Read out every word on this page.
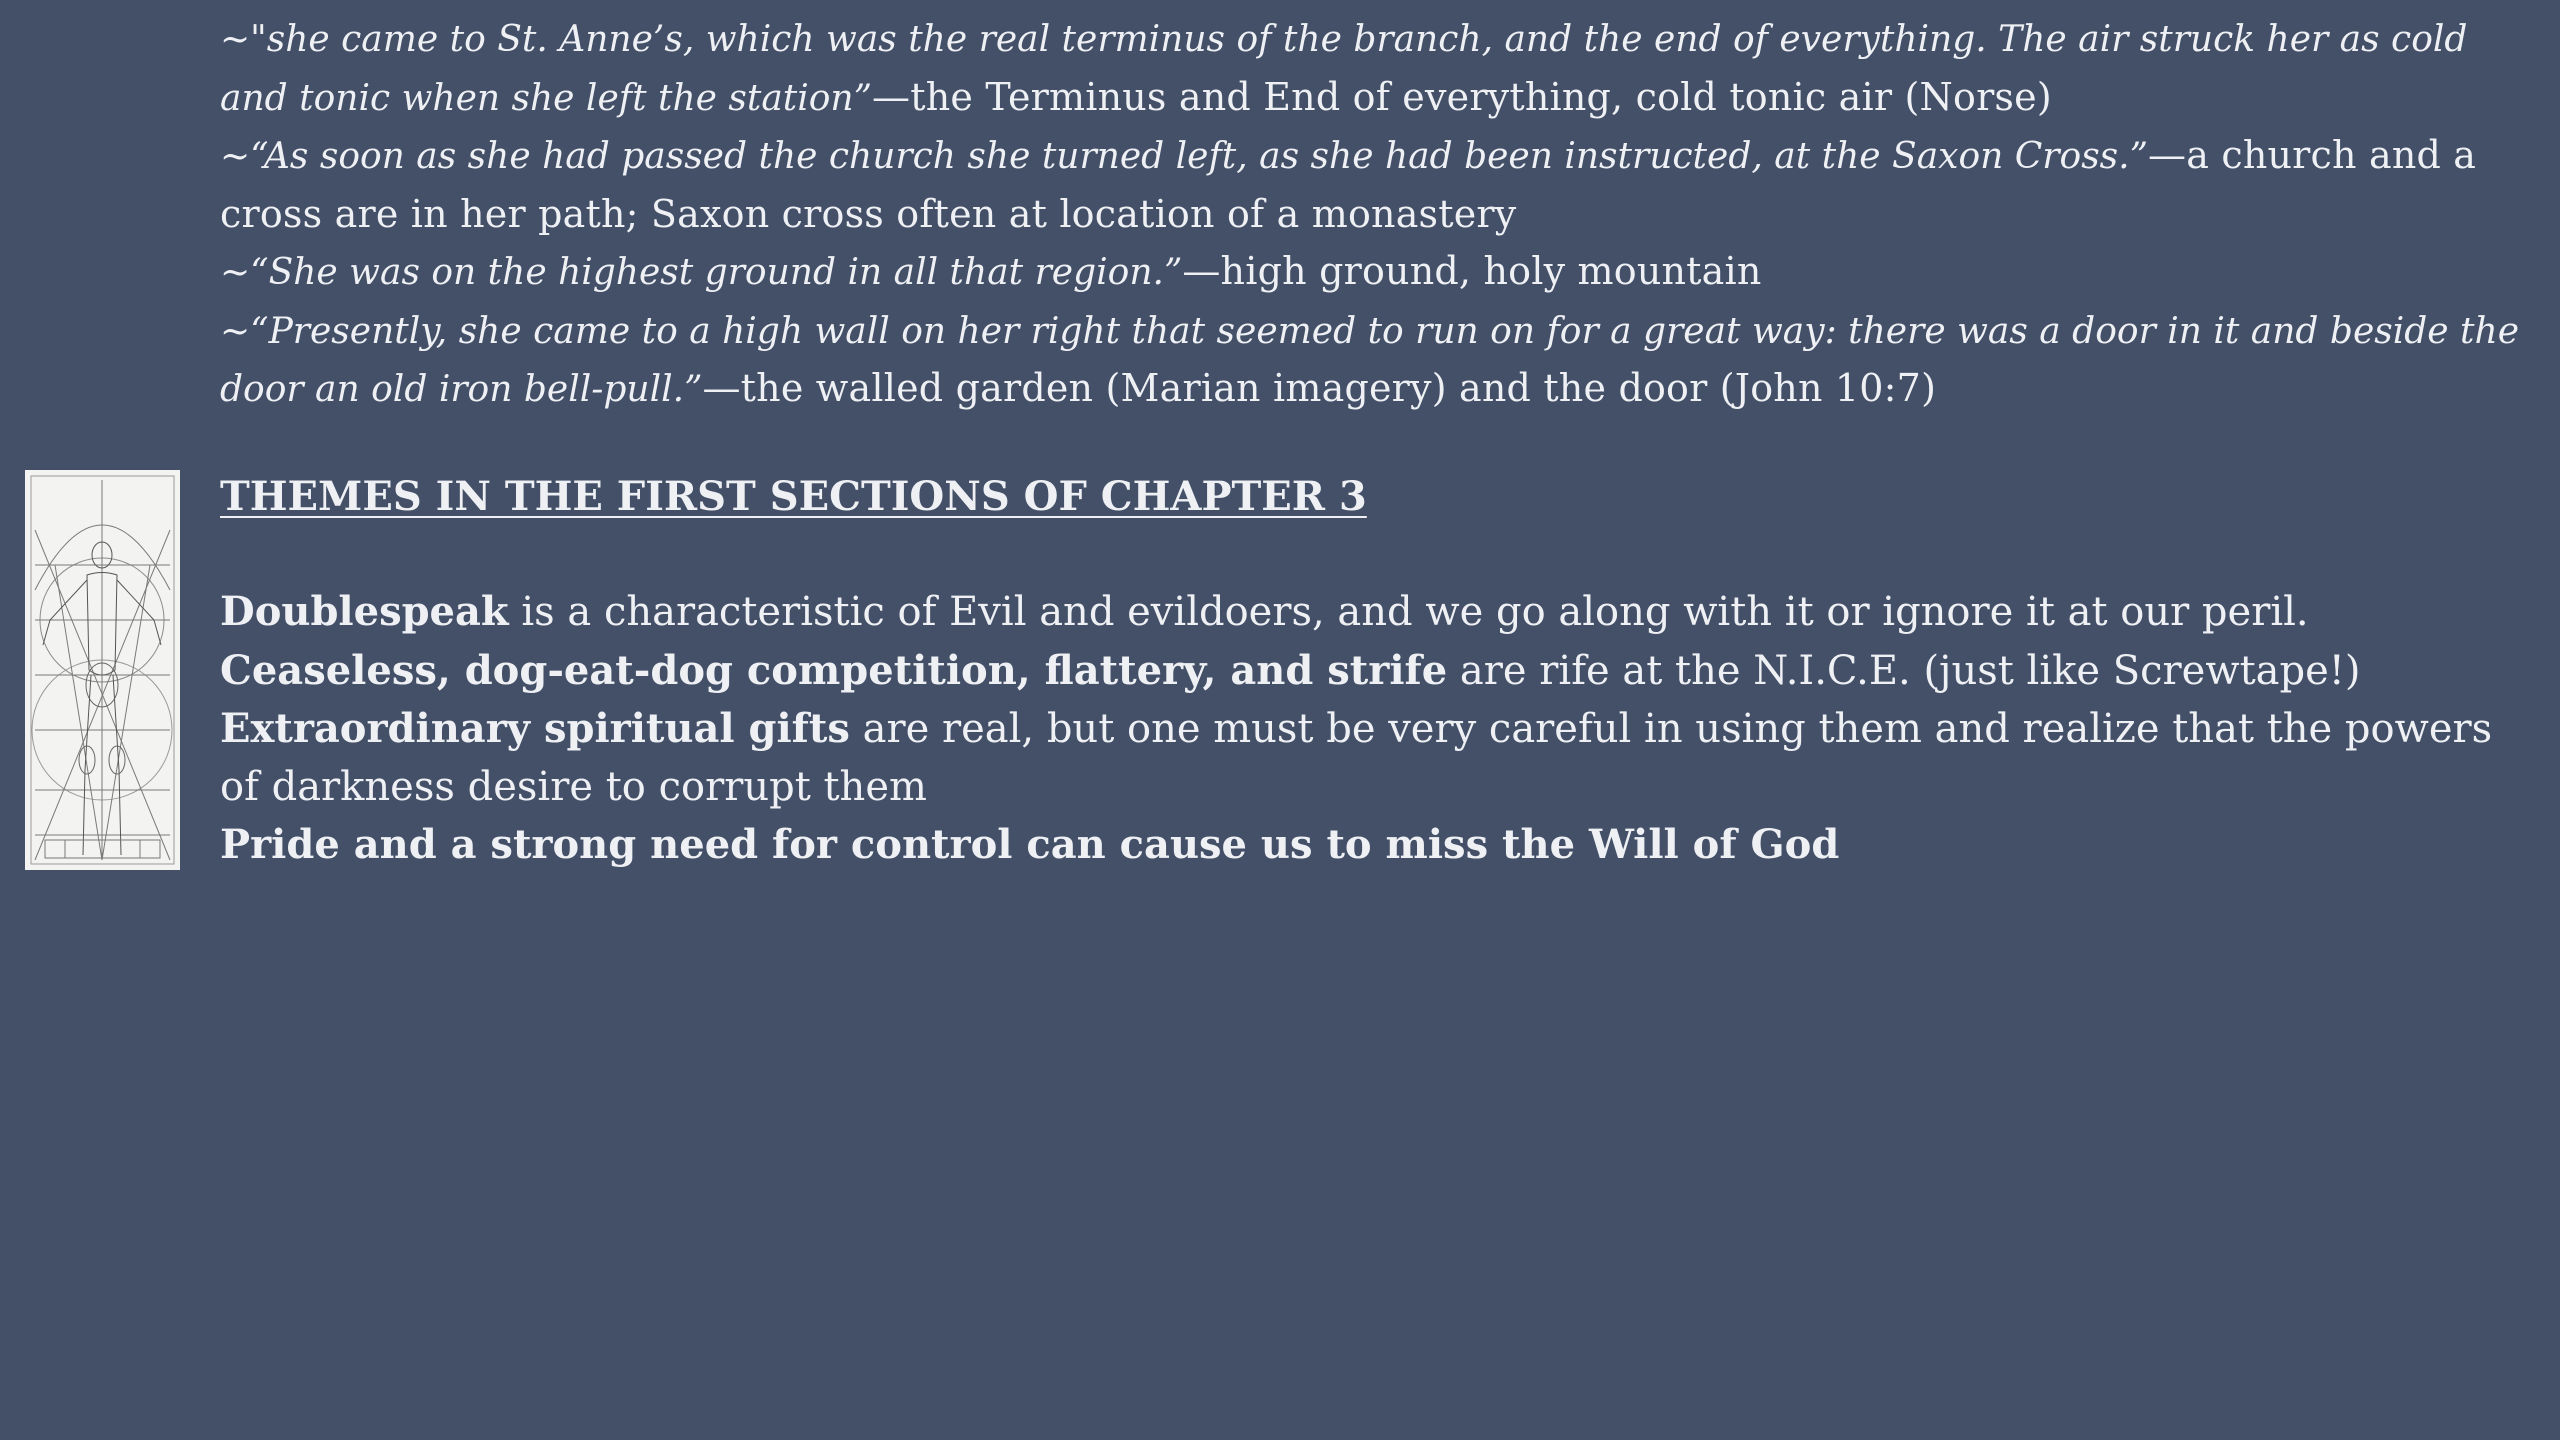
~"she came to St. Anne’s, which was the real terminus of the branch, and the end of everything. The air struck her as cold and tonic when she left the station”—the Terminus and End of everything, cold tonic air (Norse)

~“As soon as she had passed the church she turned left, as she had been instructed, at the Saxon Cross.”—a church and a cross are in her path; Saxon cross often at location of a monastery

~“She was on the highest ground in all that region.”—high ground, holy mountain

~“Presently, she came to a high wall on her right that seemed to run on for a great way: there was a door in it and beside the door an old iron bell-pull.”—the walled garden (Marian imagery) and the door (John 10:7)

THEMES IN THE FIRST SECTIONS OF CHAPTER 3

Doublespeak is a characteristic of Evil and evildoers, and we go along with it or ignore it at our peril.

Ceaseless, dog-eat-dog competition, flattery, and strife are rife at the N.I.C.E. (just like Screwtape!)

Extraordinary spiritual gifts are real, but one must be very careful in using them and realize that the powers of darkness desire to corrupt them

Pride and a strong need for control can cause us to miss the Will of God
